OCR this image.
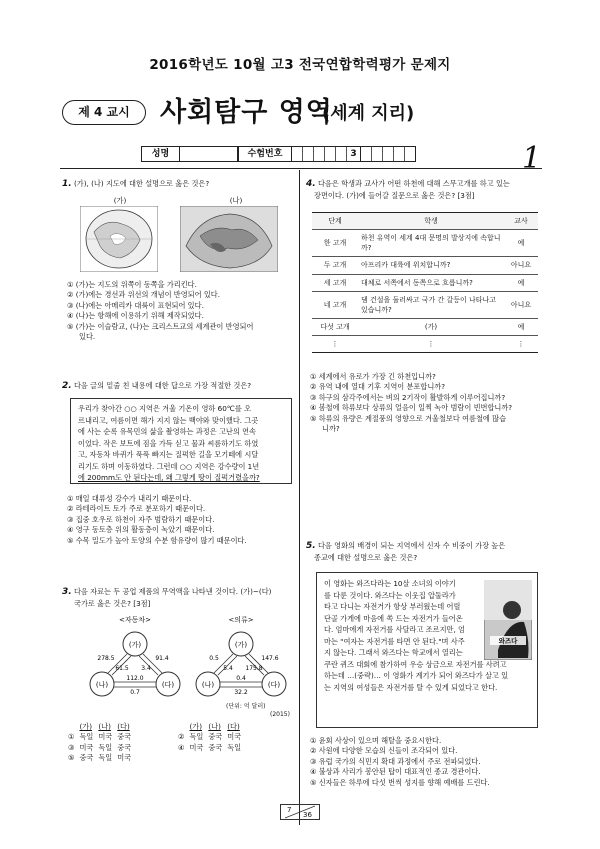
2016학년도 10월 고3 전국연합학력평가 문제지
제 4 교시	사회탐구 영역
(세계 지리)
성명	수험번호	3	1
1. (가), (나) 지도에 대한 설명으로 옳은 것은?
(가)	(나)
① (가)는 지도의 위쪽이 동쪽을 가리킨다.
② (가)에는 경선과 위선의 개념이 반영되어 있다.
③ (나)에는 아메리카 대륙이 표현되어 있다.
④ (나)는 항해에 이용하기 위해 제작되었다.
⑤ (가)는 이슬람교, (나)는 크리스트교의 세계관이 반영되어
있다.
2. 다음 글의 밑줄 친 내용에 대한 답으로 가장 적절한 것은?
우리가 찾아간 ○○ 지역은 겨울 기온이 영하 60℃를 오
르내리고, 여름이면 해가 지지 않는 백야와 맞이했다. 그곳
에 사는 순록 유목민의 삶을 촬영하는 과정은 고난의 연속
이었다. 작은 보트에 짐을 가득 싣고 물과 씨름하기도 하였
고, 자동차 바퀴가 푹푹 빠지는 질퍽한 길을 모기떼에 시달
리기도 하며 이동하였다. 그런데 ○○ 지역은 강수량이 1년
에 200mm도 안 된다는데, 왜 그렇게 땅이 질퍽거렸을까?
① 매일 대류성 강수가 내리기 때문이다.
② 라테라이트 토가 주로 분포하기 때문이다.
③ 집중 호우로 하천이 자주 범람하기 때문이다.
④ 영구 동토층 위의 활동층이 녹았기 때문이다.
⑤ 수목 밀도가 높아 토양의 수분 함유량이 많기 때문이다.
3. 다음 자료는 두 공업 제품의 무역액을 나타낸 것이다. (가)~(다)
국가로 옳은 것은? [3점]
<자동차>
(가)
(나)	(다)
278.5	91.4
61.5 3.4
112.0
0.7
<의류>
(가)
(나)	(다)
0.5	147.6
5.4 175.8
0.4
32.2
(단위: 억 달러)
(2015)
	(가)	(나)	(다)
①	독일	미국	중국
③	미국	독일	중국
⑤	중국	독일	미국
	(가)	(나)	(다)
②	독일	중국	미국
④	미국	중국	독일
4. 다음은 학생과 교사가 어떤 하천에 대해 스무고개를 하고 있는
장면이다. (가)에 들어갈 질문으로 옳은 것은? [3점]
단계	학생	교사
한 고개	하천 유역이 세계 4대 문명의 발상지에 속합니까?	예
두 고개	아프리카 대륙에 위치합니까?	아니요
세 고개	대체로 서쪽에서 동쪽으로 흐릅니까?	예
네 고개	댐 건설을 둘러싸고 국가 간 갈등이 나타나고 있습니까?	아니요
다섯 고개	(가)	예
⋮	⋮	⋮
① 세계에서 유로가 가장 긴 하천입니까?
② 유역 내에 열대 기후 지역이 분포합니까?
③ 하구의 삼각주에서는 벼의 2기작이 활발하게 이루어집니까?
④ 봄철에 하류보다 상류의 얼음이 일찍 녹아 범람이 빈번합니까?
⑤ 하류의 유량은 계절풍의 영향으로 겨울철보다 여름철에 많습
니까?
5. 다음 영화의 배경이 되는 지역에서 신자 수 비중이 가장 높은
종교에 대한 설명으로 옳은 것은?
이 영화는 와즈다라는 10살 소녀의 이야기
를 다룬 것이다. 와즈다는 이웃집 압둘라가
타고 다니는 자전거가 항상 부러웠는데 어릴
단골 가게에 마음에 쏙 드는 자전거가 들어온
다. 엄마에게 자전거를 사달라고 조르지만, 엄
마는 "여자는 자전거를 타면 안 된다."며 사주
지 않는다. 그래서 와즈다는 학교에서 열리는
쿠란 퀴즈 대회에 참가하여 우승 상금으로 자전거를 사려고
하는데 …(중략)… 이 영화가 계기가 되어 와즈다가 살고 있
는 지역의 여성들은 자전거를 탈 수 있게 되었다고 한다.
와즈다
① 윤회 사상이 있으며 해탈을 중요시한다.
② 사원에 다양한 모습의 신들이 조각되어 있다.
③ 유럽 국가의 식민지 확대 과정에서 주로 전파되었다.
④ 불상과 사리가 봉안된 탑이 대표적인 종교 경관이다.
⑤ 신자들은 하루에 다섯 번씩 성지를 향해 예배를 드린다.
7
36
